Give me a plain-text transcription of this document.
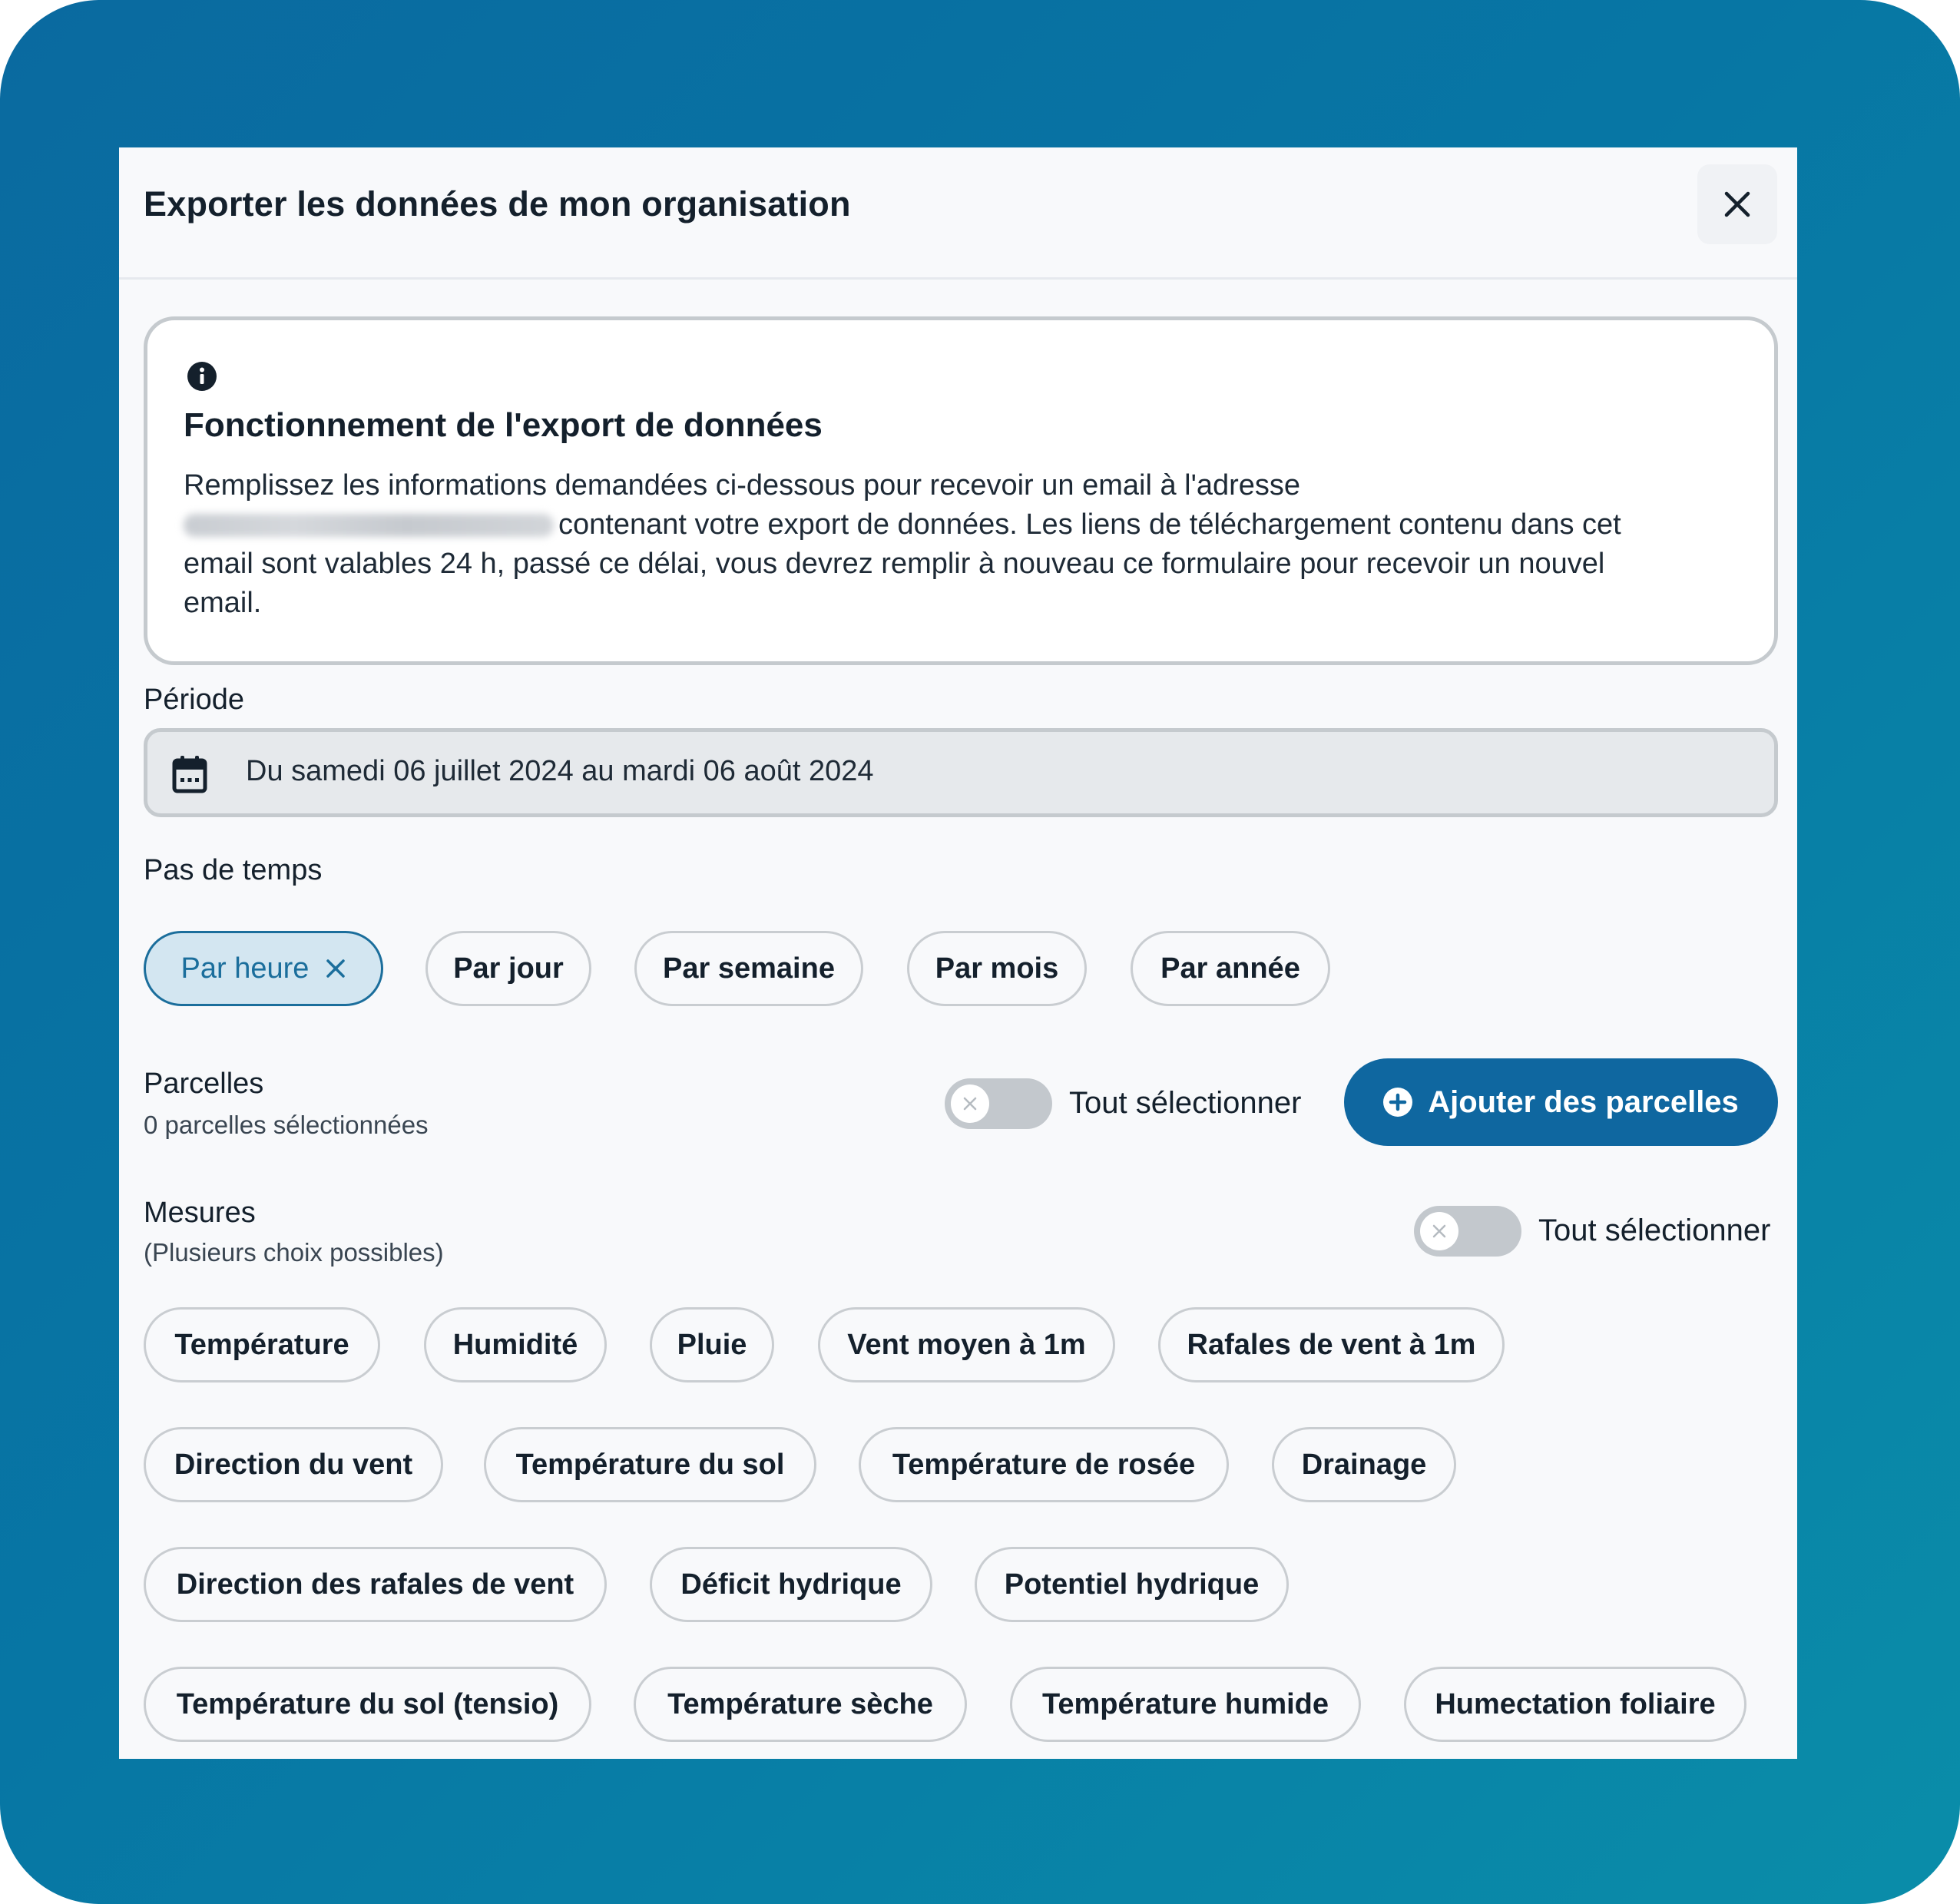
Exporter les données de mon organisation
Fonctionnement de l'export de données
Remplissez les informations demandées ci-dessous pour recevoir un email à l'adresse
contenant votre export de données. Les liens de téléchargement contenu dans cet
email sont valables 24 h, passé ce délai, vous devrez remplir à nouveau ce formulaire pour recevoir un nouvel
email.
Période
Du samedi 06 juillet 2024 au mardi 06 août 2024
Pas de temps
Par heure	Par jour	Par semaine	Par mois	Par année
Parcelles
0 parcelles sélectionnées
Tout sélectionner	Ajouter des parcelles
Mesures
(Plusieurs choix possibles)
Tout sélectionner
Température	Humidité	Pluie	Vent moyen à 1m	Rafales de vent à 1m
Direction du vent	Température du sol	Température de rosée	Drainage
Direction des rafales de vent	Déficit hydrique	Potentiel hydrique
Température du sol (tensio)	Température sèche	Température humide	Humectation foliaire
